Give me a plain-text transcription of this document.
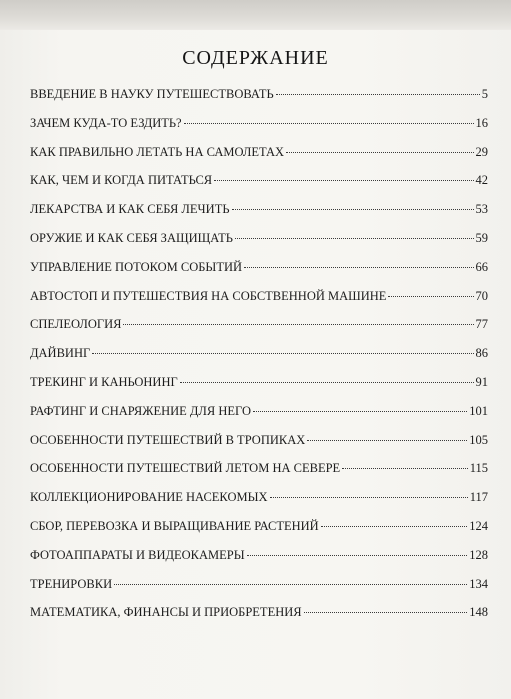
СОДЕРЖАНИЕ
ВВЕДЕНИЕ В НАУКУ ПУТЕШЕСТВОВАТЬ	5
ЗАЧЕМ КУДА-ТО ЕЗДИТЬ?	16
КАК ПРАВИЛЬНО ЛЕТАТЬ НА САМОЛЕТАХ	29
КАК, ЧЕМ И КОГДА ПИТАТЬСЯ	42
ЛЕКАРСТВА И КАК СЕБЯ ЛЕЧИТЬ	53
ОРУЖИЕ И КАК СЕБЯ ЗАЩИЩАТЬ	59
УПРАВЛЕНИЕ ПОТОКОМ СОБЫТИЙ	66
АВТОСТОП И ПУТЕШЕСТВИЯ НА СОБСТВЕННОЙ МАШИНЕ	70
СПЕЛЕОЛОГИЯ	77
ДАЙВИНГ	86
ТРЕКИНГ И КАНЬОНИНГ	91
РАФТИНГ И СНАРЯЖЕНИЕ ДЛЯ НЕГО	101
ОСОБЕННОСТИ ПУТЕШЕСТВИЙ В ТРОПИКАХ	105
ОСОБЕННОСТИ ПУТЕШЕСТВИЙ ЛЕТОМ НА СЕВЕРЕ	115
КОЛЛЕКЦИОНИРОВАНИЕ НАСЕКОМЫХ	117
СБОР, ПЕРЕВОЗКА И ВЫРАЩИВАНИЕ РАСТЕНИЙ	124
ФОТОАППАРАТЫ И ВИДЕОКАМЕРЫ	128
ТРЕНИРОВКИ	134
МАТЕМАТИКА, ФИНАНСЫ И ПРИОБРЕТЕНИЯ	148
